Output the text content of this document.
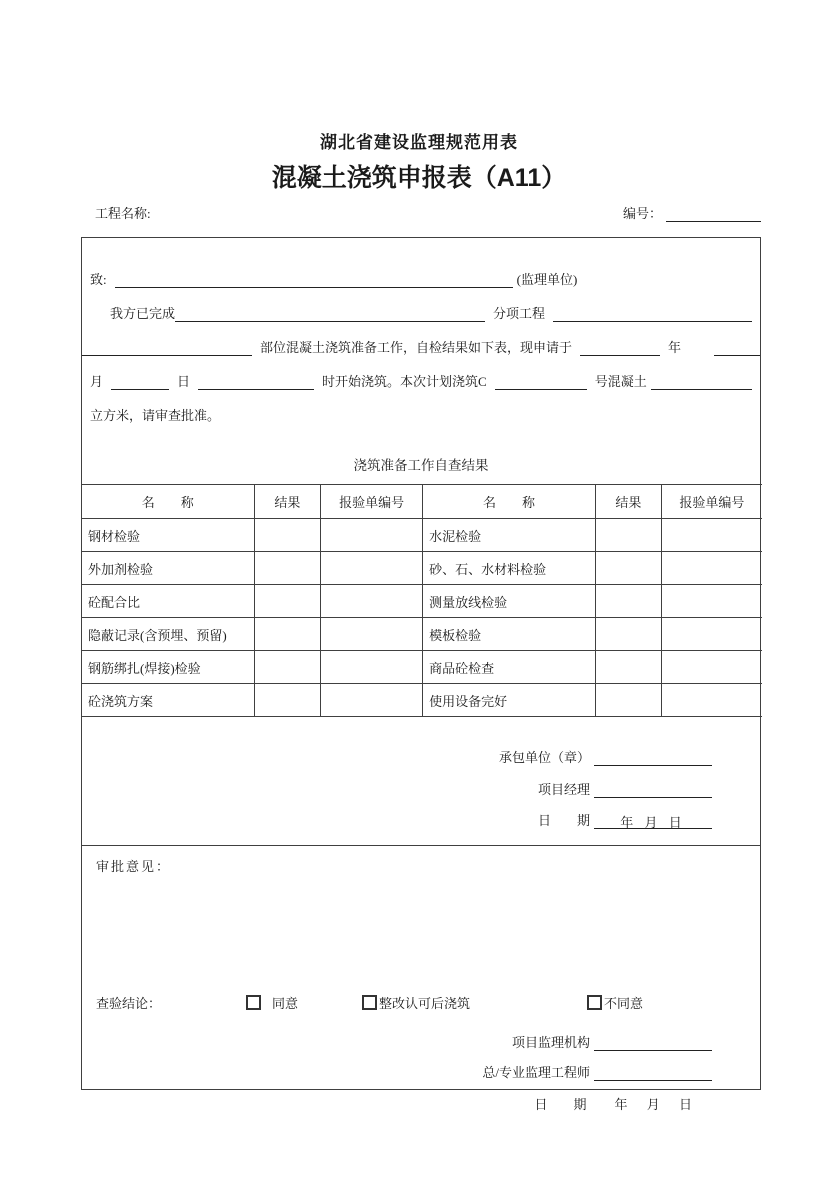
湖北省建设监理规范用表
混凝土浇筑申报表（A11）
工程名称:	编号：
致:	(监理单位)
我方已完成	分项工程
部位混凝土浇筑准备工作，自检结果如下表，现申请于	年
月	日	时开始浇筑。本次计划浇筑C	号混凝土
立方米，请审查批准。
浇筑准备工作自查结果
名　　称	结果	报验单编号	名　　称	结果	报验单编号
钢材检验			水泥检验		
外加剂检验			砂、石、水材料检验		
砼配合比			测量放线检验		
隐蔽记录(含预埋、预留)			模板检验		
钢筋绑扎(焊接)检验			商品砼检查		
砼浇筑方案			使用设备完好		
承包单位（章）
项目经理
日　　期	年 月 日
审批意见：
查验结论：	同意	整改认可后浇筑	不同意
项目监理机构
总/专业监理工程师
日　　期 年 月 日
